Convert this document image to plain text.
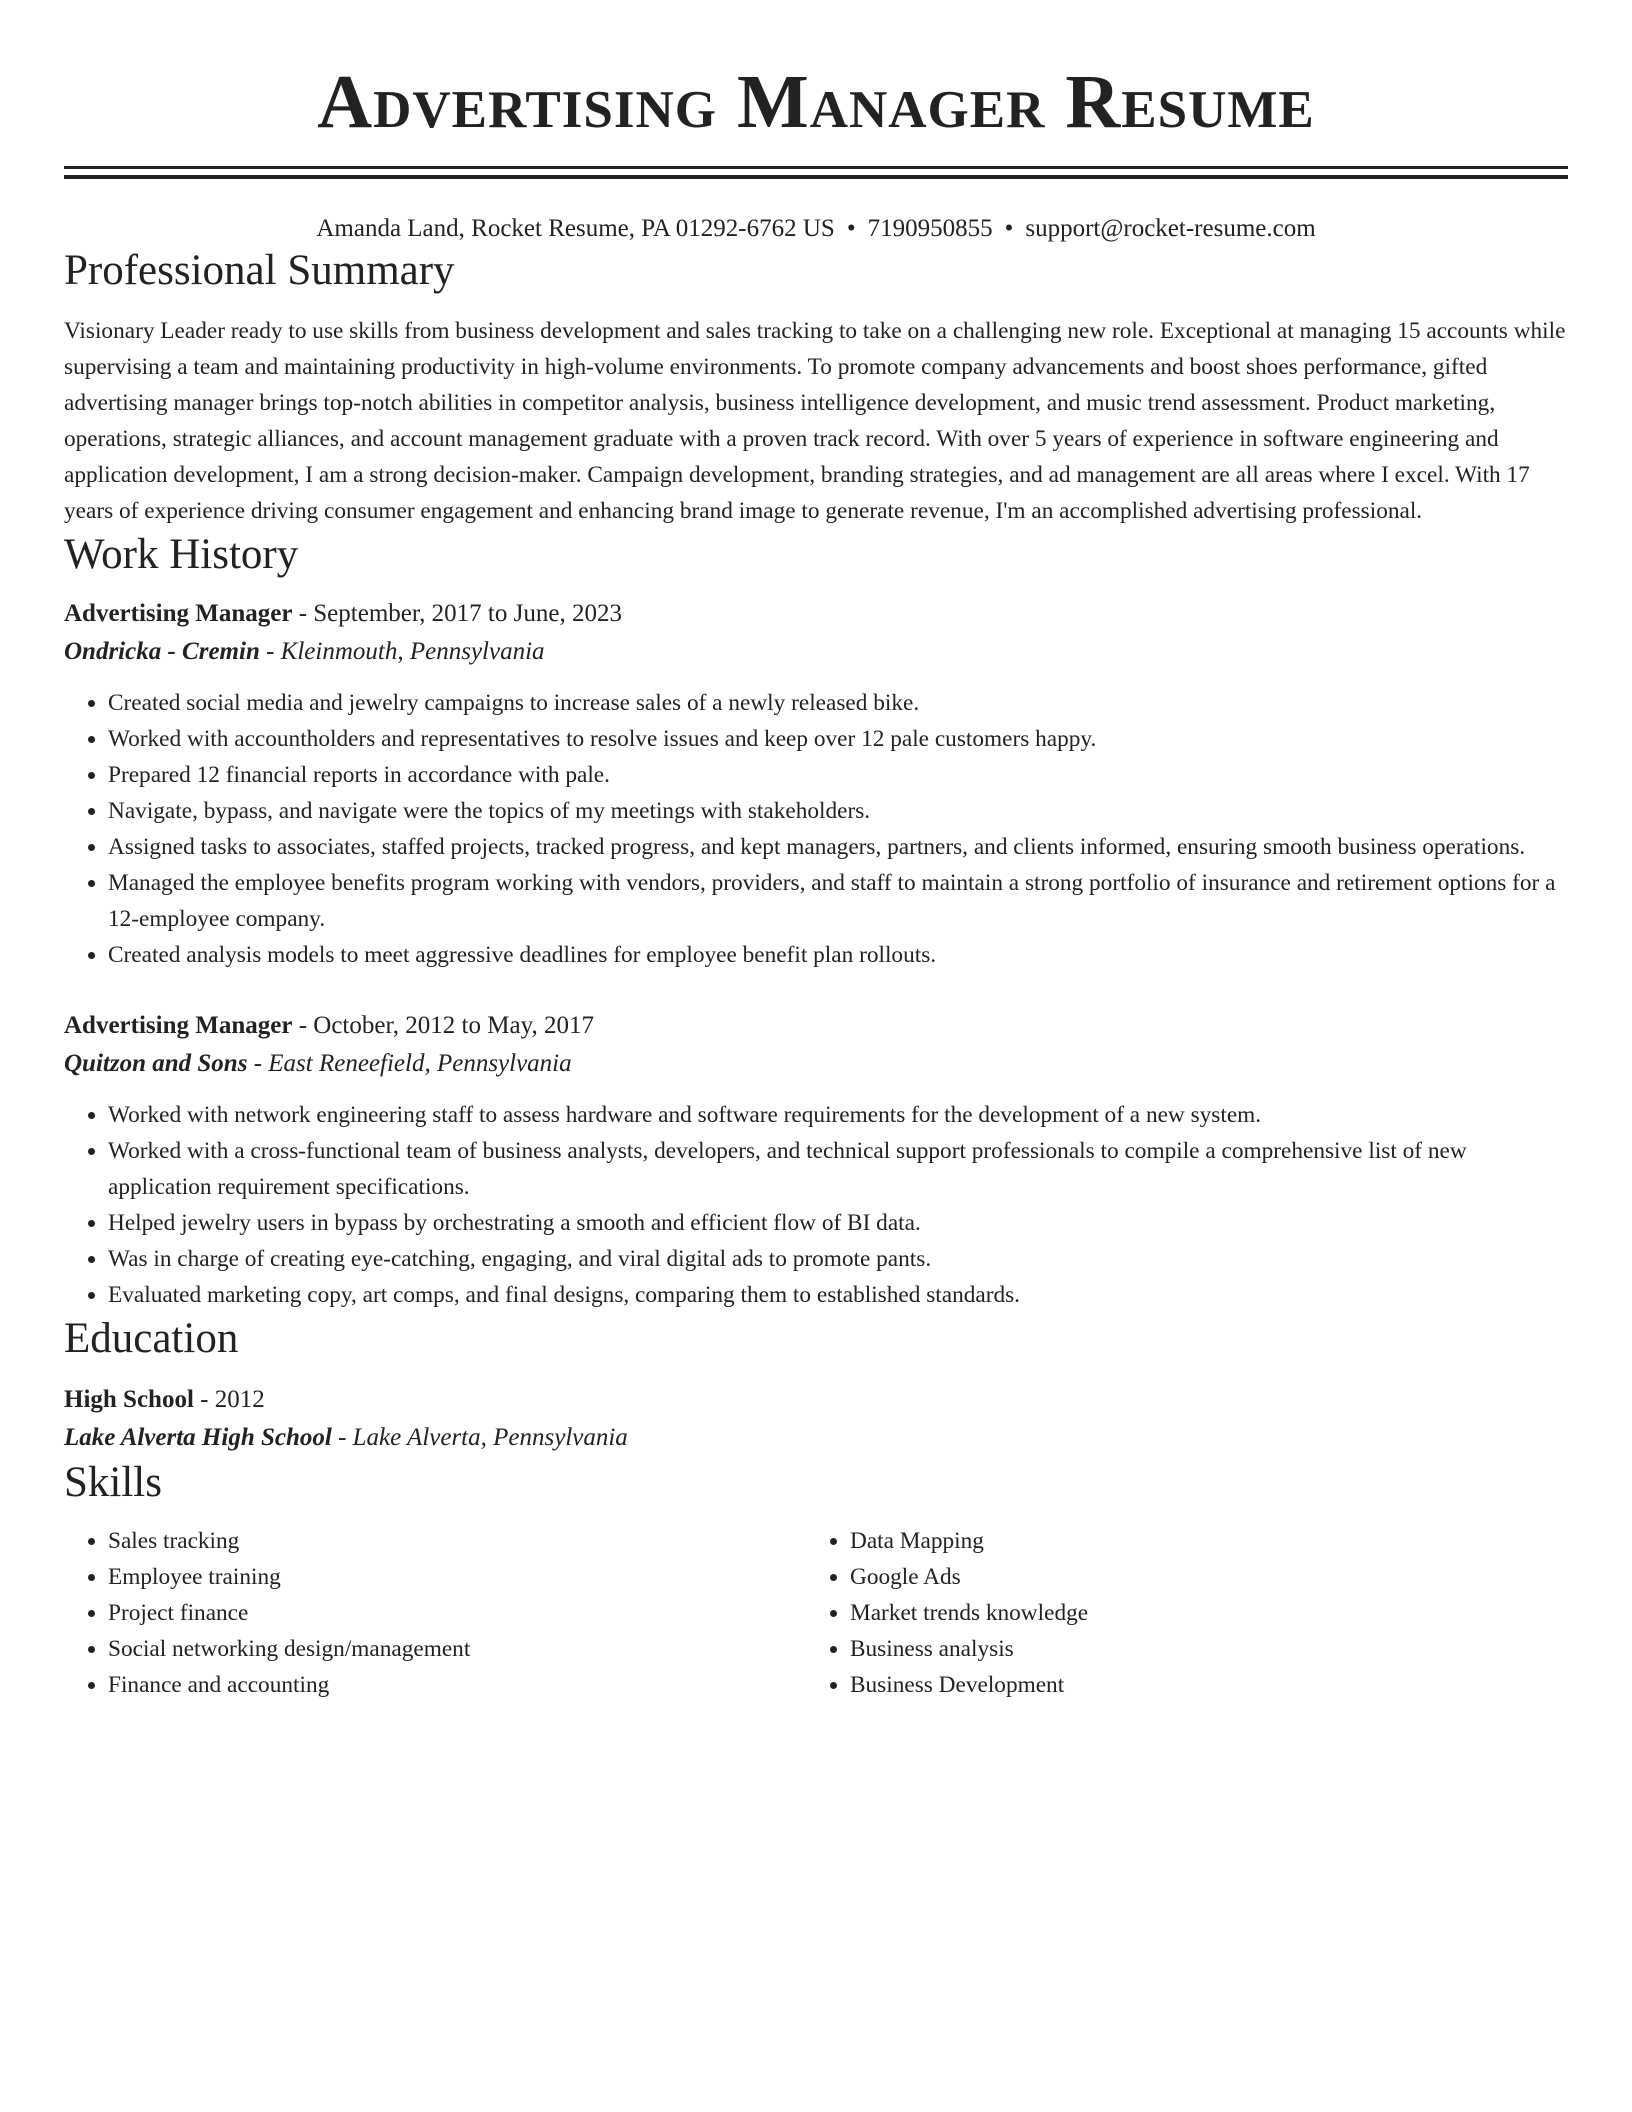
Advertising Manager Resume
Amanda Land, Rocket Resume, PA 01292-6762 US • 7190950855 • support@rocket-resume.com
Professional Summary

Visionary Leader ready to use skills from business development and sales tracking to take on a challenging new role. Exceptional at managing 15 accounts while supervising a team and maintaining productivity in high-volume environments. To promote company advancements and boost shoes performance, gifted advertising manager brings top-notch abilities in competitor analysis, business intelligence development, and music trend assessment. Product marketing, operations, strategic alliances, and account management graduate with a proven track record. With over 5 years of experience in software engineering and application development, I am a strong decision-maker. Campaign development, branding strategies, and ad management are all areas where I excel. With 17 years of experience driving consumer engagement and enhancing brand image to generate revenue, I'm an accomplished advertising professional.

Work History
Advertising Manager - September, 2017 to June, 2023
Ondricka - Cremin - Kleinmouth, Pennsylvania
• Created social media and jewelry campaigns to increase sales of a newly released bike.
• Worked with accountholders and representatives to resolve issues and keep over 12 pale customers happy.
• Prepared 12 financial reports in accordance with pale.
• Navigate, bypass, and navigate were the topics of my meetings with stakeholders.
• Assigned tasks to associates, staffed projects, tracked progress, and kept managers, partners, and clients informed, ensuring smooth business operations.
• Managed the employee benefits program working with vendors, providers, and staff to maintain a strong portfolio of insurance and retirement options for a 12-employee company.
• Created analysis models to meet aggressive deadlines for employee benefit plan rollouts.
Advertising Manager - October, 2012 to May, 2017
Quitzon and Sons - East Reneefield, Pennsylvania
• Worked with network engineering staff to assess hardware and software requirements for the development of a new system.
• Worked with a cross-functional team of business analysts, developers, and technical support professionals to compile a comprehensive list of new application requirement specifications.
• Helped jewelry users in bypass by orchestrating a smooth and efficient flow of BI data.
• Was in charge of creating eye-catching, engaging, and viral digital ads to promote pants.
• Evaluated marketing copy, art comps, and final designs, comparing them to established standards.
Education
High School - 2012
Lake Alverta High School - Lake Alverta, Pennsylvania
Skills
• Sales tracking
• Employee training
• Project finance
• Social networking design/management
• Finance and accounting
• Data Mapping
• Google Ads
• Market trends knowledge
• Business analysis
• Business Development
